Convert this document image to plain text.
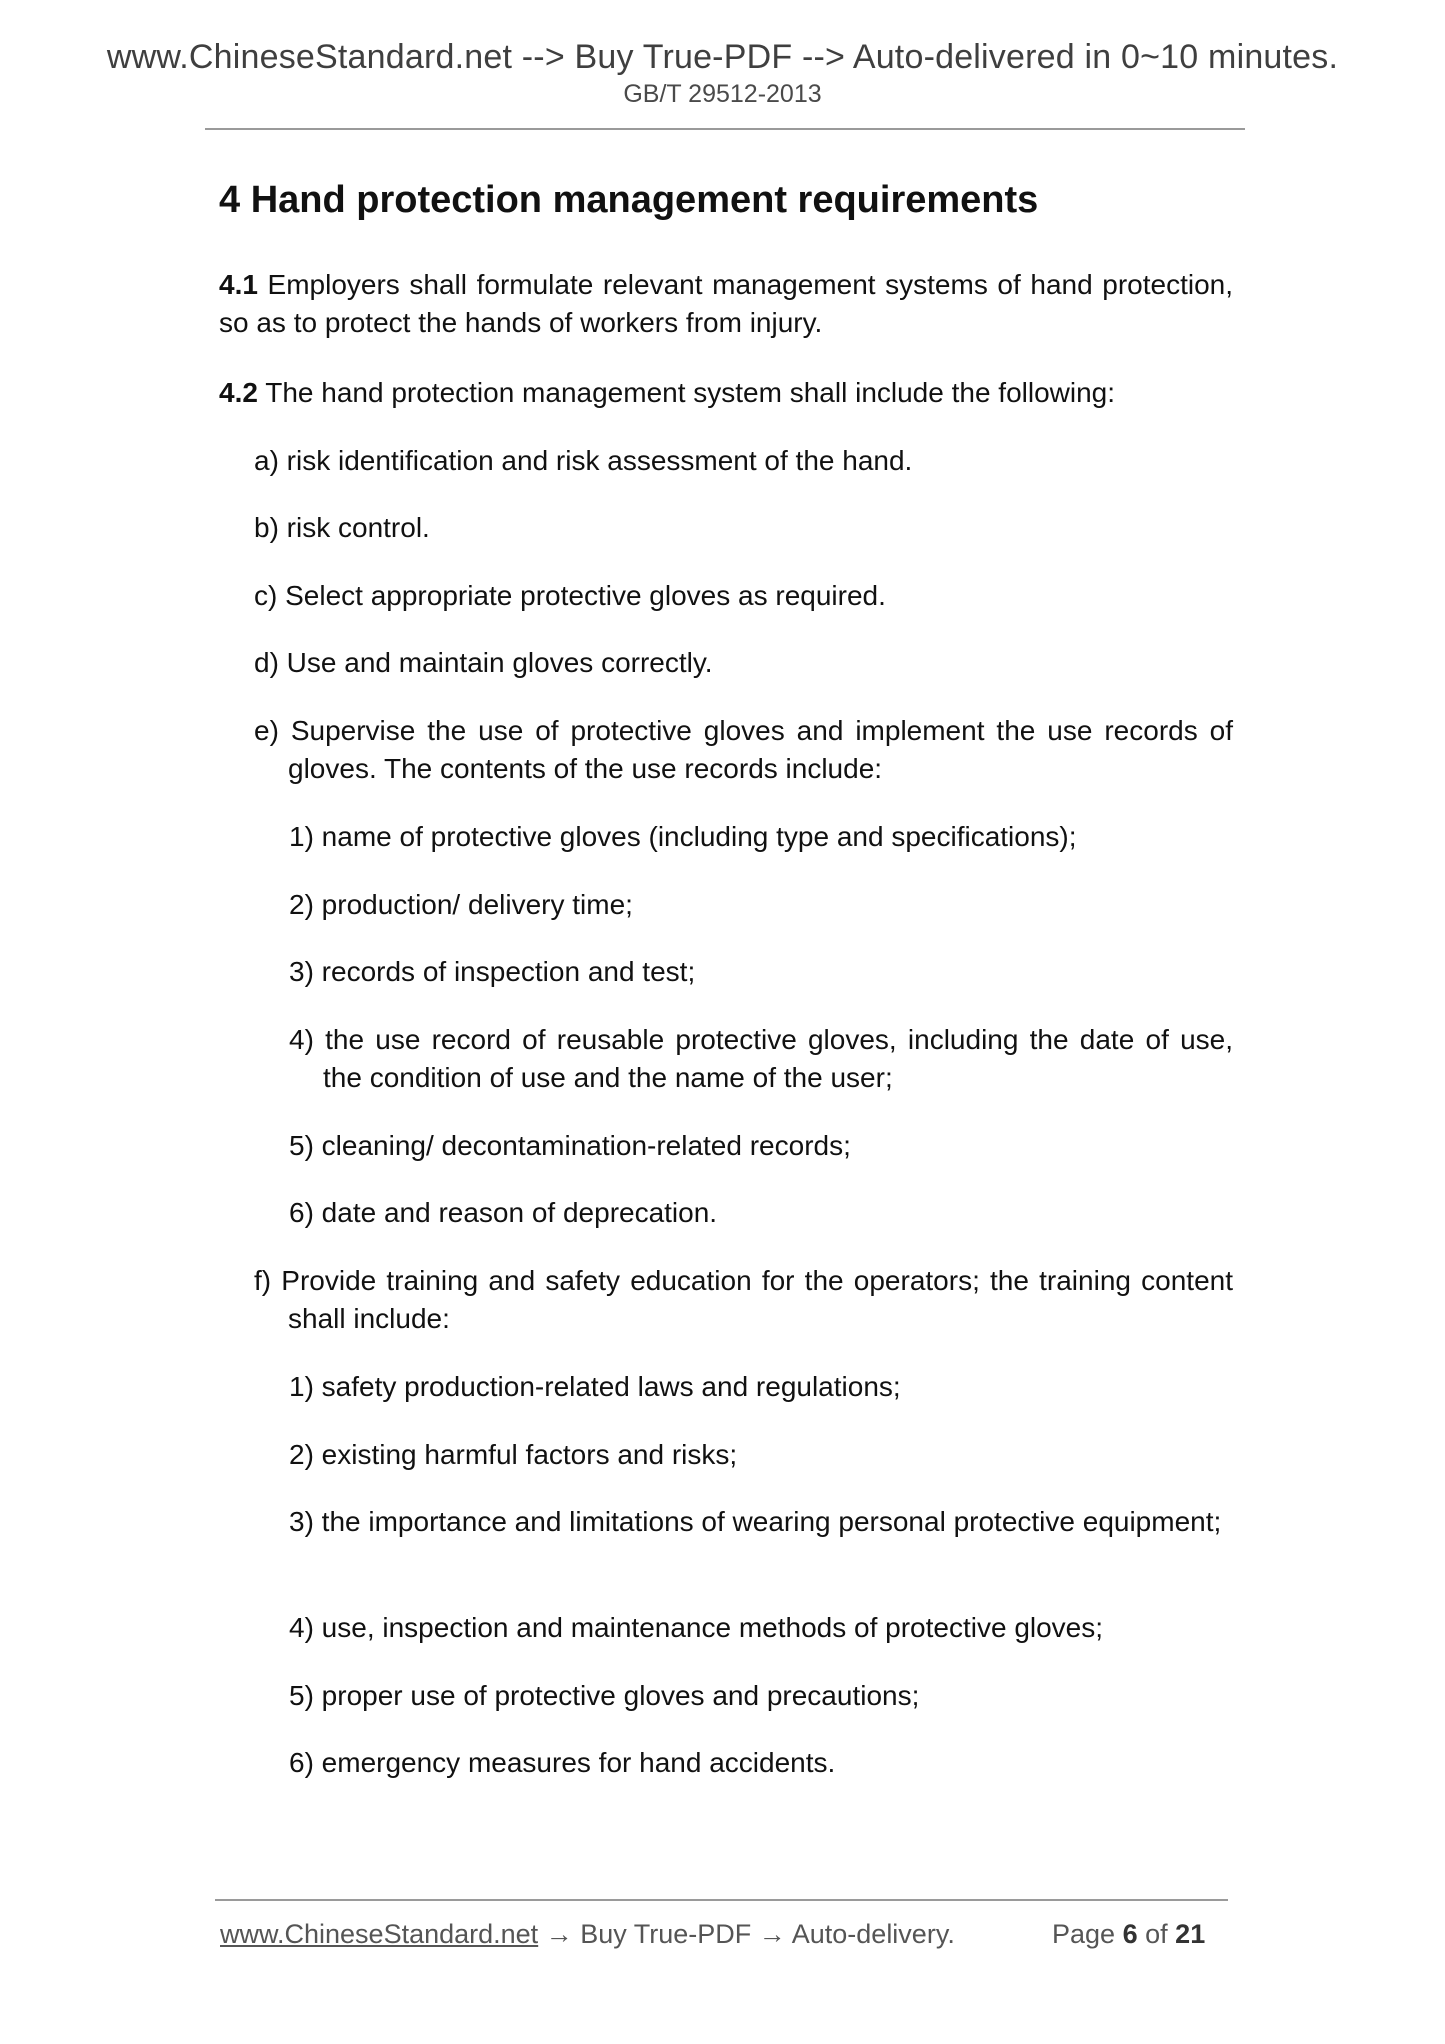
www.ChineseStandard.net --> Buy True-PDF --> Auto-delivered in 0~10 minutes.
GB/T 29512-2013
4 Hand protection management requirements
4.1 Employers shall formulate relevant management systems of hand protection, so as to protect the hands of workers from injury.
4.2 The hand protection management system shall include the following:
a) risk identification and risk assessment of the hand.
b) risk control.
c) Select appropriate protective gloves as required.
d) Use and maintain gloves correctly.
e) Supervise the use of protective gloves and implement the use records of gloves. The contents of the use records include:
1) name of protective gloves (including type and specifications);
2) production/ delivery time;
3) records of inspection and test;
4) the use record of reusable protective gloves, including the date of use, the condition of use and the name of the user;
5) cleaning/ decontamination-related records;
6) date and reason of deprecation.
f) Provide training and safety education for the operators; the training content shall include:
1) safety production-related laws and regulations;
2) existing harmful factors and risks;
3) the importance and limitations of wearing personal protective equipment;
4) use, inspection and maintenance methods of protective gloves;
5) proper use of protective gloves and precautions;
6) emergency measures for hand accidents.
www.ChineseStandard.net → Buy True-PDF → Auto-delivery.	Page 6 of 21
